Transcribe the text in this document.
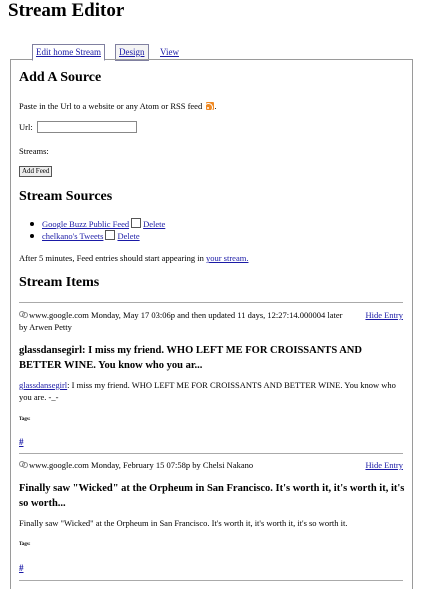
Stream Editor
Edit home Stream	Design	View
Add A Source
Paste in the Url to a website or any Atom or RSS feed .
Url:
Streams:
Add Feed
Stream Sources
Google Buzz Public Feed Delete
chelkano's Tweets Delete
After 5 minutes, Feed entries should start appearing in your stream.
Stream Items
www.google.com Monday, May 17 03:06p and then updated 11 days, 12:27:14.000004 later by Arwen Petty
Hide Entry
glassdansegirl: I miss my friend. WHO LEFT ME FOR CROISSANTS AND BETTER WINE. You know who you ar...
glassdansegirl: I miss my friend. WHO LEFT ME FOR CROISSANTS AND BETTER WINE. You know who you are. -_-
Tags:
#
www.google.com Monday, February 15 07:58p by Chelsi Nakano	Hide Entry
Finally saw "Wicked" at the Orpheum in San Francisco. It's worth it, it's worth it, it's so worth...
Finally saw "Wicked" at the Orpheum in San Francisco. It's worth it, it's worth it, it's so worth it.
Tags:
#
